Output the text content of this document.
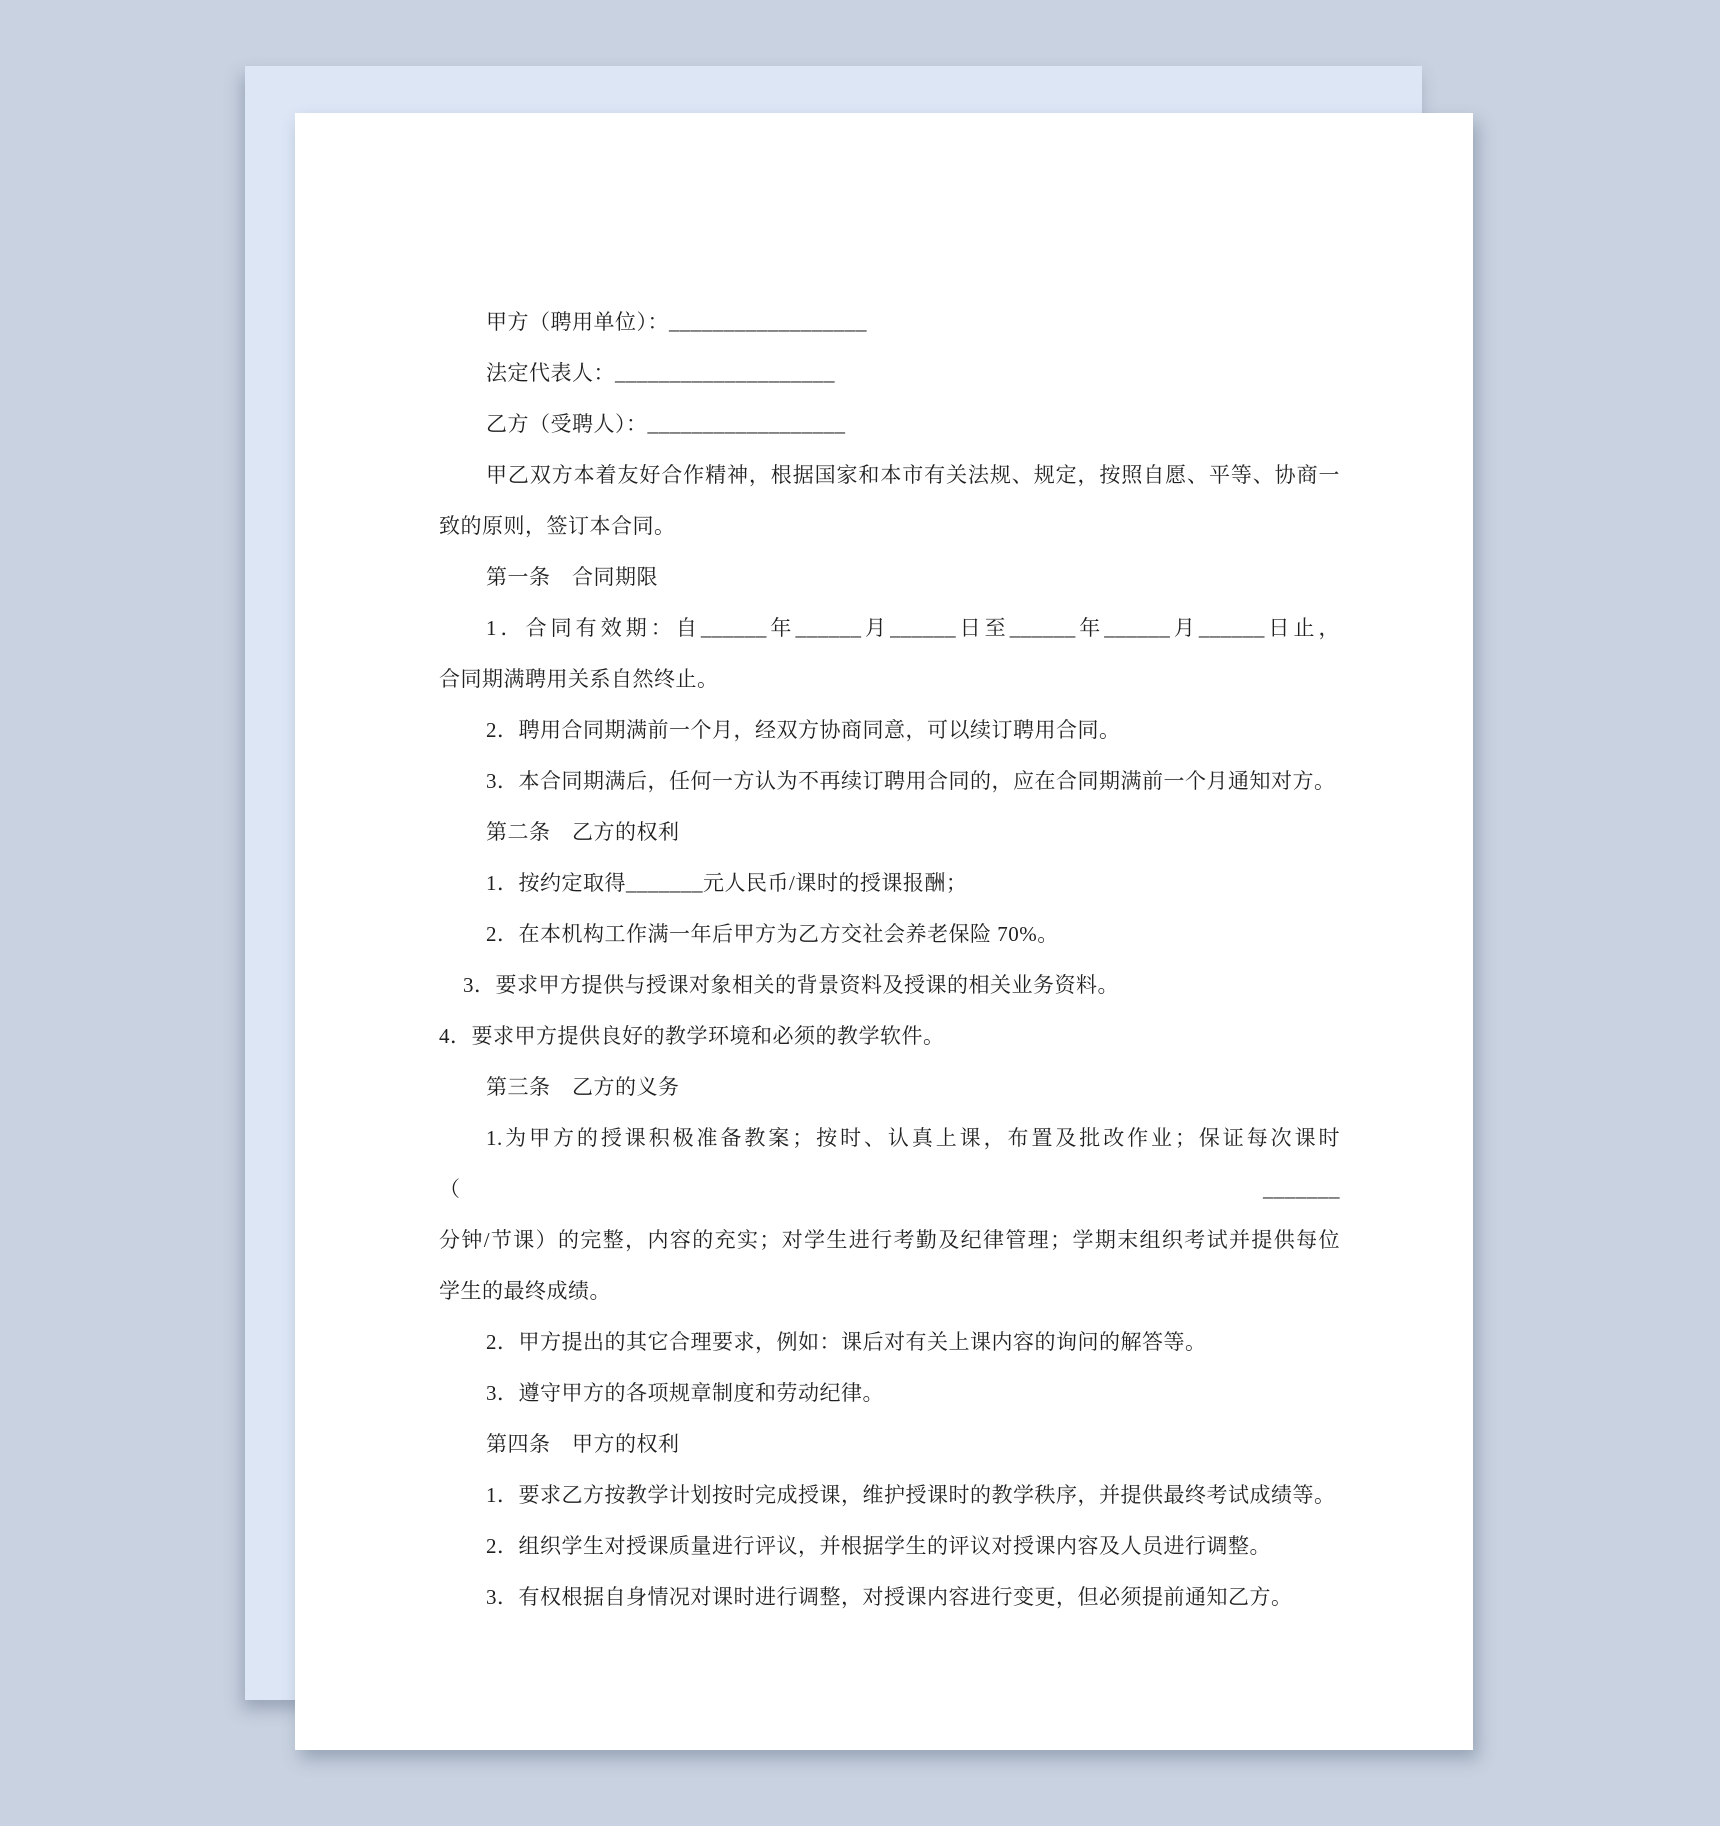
甲方（聘用单位）：__________________

法定代表人：____________________

乙方（受聘人）：__________________

甲乙双方本着友好合作精神，根据国家和本市有关法规、规定，按照自愿、平等、协商一

致的原则，签订本合同。

第一条　合同期限

1．合同有效期：自______年______月______日至______年______月______日止，

合同期满聘用关系自然终止。

2．聘用合同期满前一个月，经双方协商同意，可以续订聘用合同。

3．本合同期满后，任何一方认为不再续订聘用合同的，应在合同期满前一个月通知对方。

第二条　乙方的权利

1．按约定取得_______元人民币/课时的授课报酬；

2．在本机构工作满一年后甲方为乙方交社会养老保险 70%。

3．要求甲方提供与授课对象相关的背景资料及授课的相关业务资料。

4．要求甲方提供良好的教学环境和必须的教学软件。

第三条　乙方的义务

1.为甲方的授课积极准备教案；按时、认真上课，布置及批改作业；保证每次课时（_______

分钟/节课）的完整，内容的充实；对学生进行考勤及纪律管理；学期末组织考试并提供每位

学生的最终成绩。

2．甲方提出的其它合理要求，例如：课后对有关上课内容的询问的解答等。

3．遵守甲方的各项规章制度和劳动纪律。

第四条　甲方的权利

1．要求乙方按教学计划按时完成授课，维护授课时的教学秩序，并提供最终考试成绩等。

2．组织学生对授课质量进行评议，并根据学生的评议对授课内容及人员进行调整。

3．有权根据自身情况对课时进行调整，对授课内容进行变更，但必须提前通知乙方。
